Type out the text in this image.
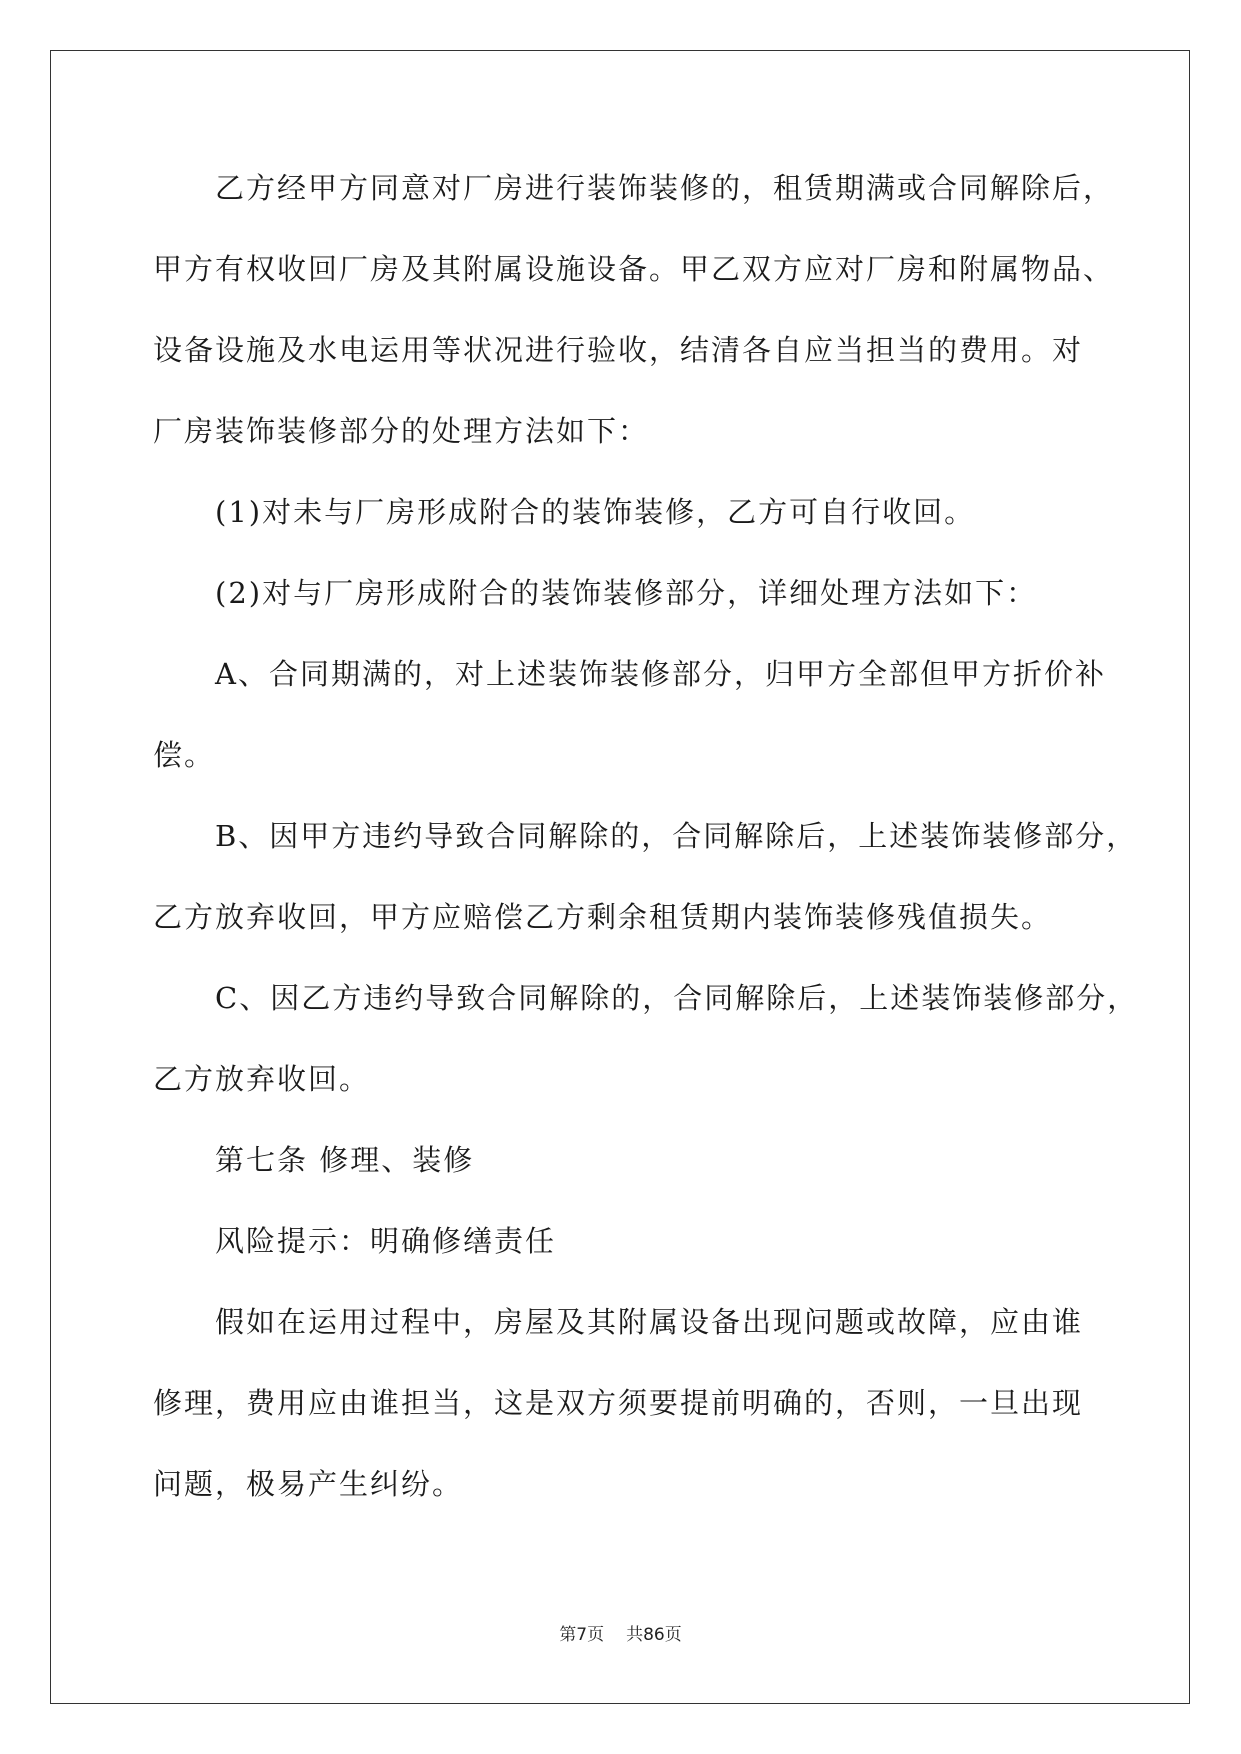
乙方经甲方同意对厂房进行装饰装修的，租赁期满或合同解除后，

甲方有权收回厂房及其附属设施设备。甲乙双方应对厂房和附属物品、

设备设施及水电运用等状况进行验收，结清各自应当担当的费用。对

厂房装饰装修部分的处理方法如下：

(1)对未与厂房形成附合的装饰装修，乙方可自行收回。

(2)对与厂房形成附合的装饰装修部分，详细处理方法如下：

A、合同期满的，对上述装饰装修部分，归甲方全部但甲方折价补

偿。

B、因甲方违约导致合同解除的，合同解除后，上述装饰装修部分，

乙方放弃收回，甲方应赔偿乙方剩余租赁期内装饰装修残值损失。

C、因乙方违约导致合同解除的，合同解除后，上述装饰装修部分，

乙方放弃收回。

第七条 修理、装修

风险提示：明确修缮责任

假如在运用过程中，房屋及其附属设备出现问题或故障，应由谁

修理，费用应由谁担当，这是双方须要提前明确的，否则，一旦出现

问题，极易产生纠纷。

第7页 共86页
